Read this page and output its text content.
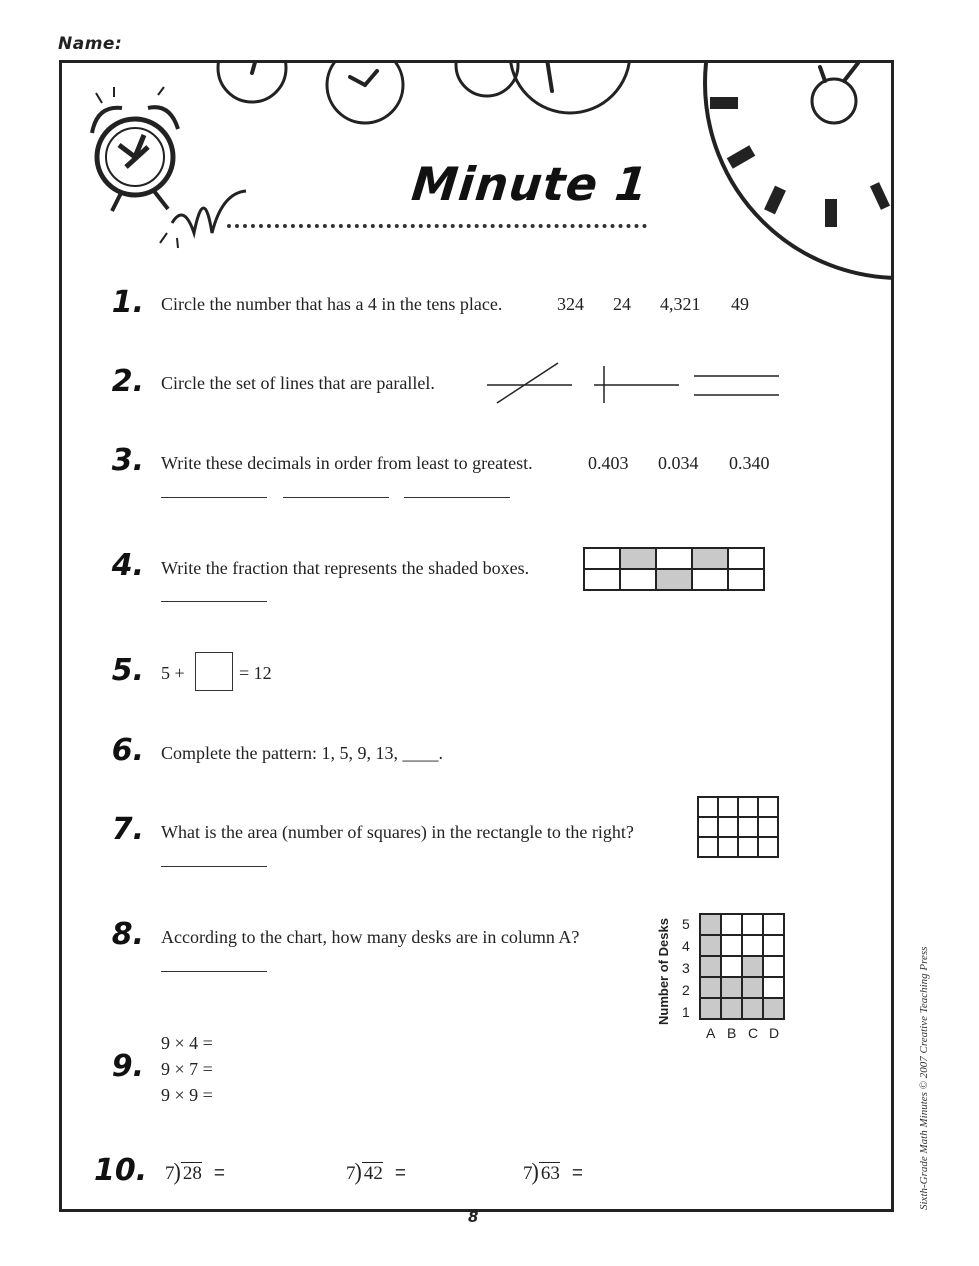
Name:
Minute 1
1. Circle the number that has a 4 in the tens place.	324 24 4,321 49
2. Circle the set of lines that are parallel.
3. Write these decimals in order from least to greatest.	0.403 0.034 0.340
4. Write the fraction that represents the shaded boxes.

5. 5 +	= 12
6. Complete the pattern: 1, 5, 9, 13, ____.
7. What is the area (number of squares) in the rectangle to the right?

8. According to the chart, how many desks are in column A?	Number of Desks 5
4
3
2
1
A B C D
9.
9 × 4 =
9 × 7 =
9 × 9 =
10. 7) 28 =	7) 42 =	7) 63 =
8
Sixth-Grade Math Minutes © 2007 Creative Teaching Press
